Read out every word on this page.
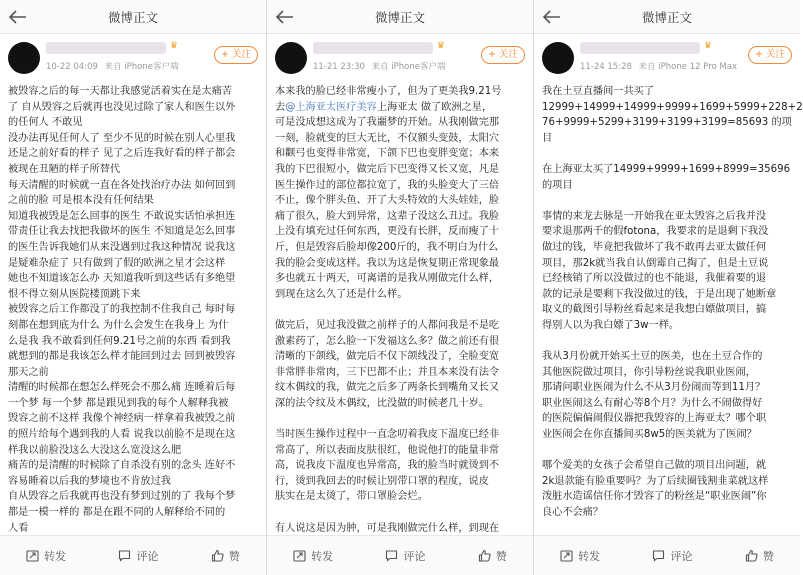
微博正文
♛
10-22 04:09 来自 iPhone客户端
+ 关注
被毁容之后的每一天都让我感觉活着实在是太痛苦
了 自从毁容之后就再也没见过除了家人和医生以外
的任何人 不敢见
没办法再见任何人了 至少不见的时候在别人心里我
还是之前好看的样子 见了之后连我好看的样子都会
被现在丑陋的样子所替代
每天清醒的时候就一直在各处找治疗办法 如何回到
之前的脸 可是根本没有任何结果
知道我被毁是怎么回事的医生 不敢说实话怕承担连
带责任让我去找把我做坏的医生 不知道是怎么回事
的医生告诉我她们从来没遇到过我这种情况 说我这
是疑难杂症了 只有做到了假的欧洲之星才会这样
她也不知道该怎么办 天知道我听到这些话有多绝望
恨不得立刻从医院楼顶跳下来
被毁容之后工作都没了的我控制不住我自己 每时每
刻都在想到底为什么 为什么会发生在我身上 为什
么是我 我不敢看到任何9.21号之前的东西 看到我
就想到的都是我该怎么样才能回到过去 回到被毁容
那天之前
清醒的时候都在想怎么样死会不那么痛 连睡着后每
一个梦 每一个梦 都是跟见到我的每个人解释我被
毁容之前不这样 我像个神经病一样拿着我被毁之前
的照片给每个遇到我的人看 说我以前脸不是现在这
样我以前脸没这么大没这么宽没这么肥
痛苦的是清醒的时候除了自杀没有别的念头 连好不
容易睡着以后我的梦境也不肯放过我
自从毁容之后我就再也没有梦到过别的了 我每个梦
都是一模一样的 都是在跟不同的人解释给不同的
人看
转发	评论	赞
微博正文
♛
11-21 23:30 来自 iPhone客户端
+ 关注
本来我的脸已经非常瘦小了，但为了更美我9.21号
去@上海亚太医疗美容上海亚太 做了欧洲之星，
可是没成想这成为了我噩梦的开始。从我刚做完那
一刻，脸就变的巨大无比，不仅额头变鼓，太阳穴
和颧弓也变得非常宽，下颌下巴也变胖变宽；本来
我的下巴很短小，做完后下巴变得又长又宽，凡是
医生操作过的部位都拉宽了，我的头脸变大了三倍
不止，像个胖头鱼、开了大头特效的大头娃娃，脸
痛了很久，脸大到异常，这辈子没这么丑过。我脸
上没有填充过任何东西，更没有长胖，反而瘦了十
斤，但是毁容后脸却像200斤的，我不明白为什么
我的脸会变成这样。我以为这是恢复期正常现象最
多也就五十两天，可离谱的是我从刚做完什么样，
到现在这么久了还是什么样。
做完后，见过我没做之前样子的人都问我是不是吃
激素药了，怎么脸一下发福这么多？做之前还有很
清晰的下颌线，做完后不仅下颌线没了，全脸变宽
非常胖非常肉，三下巴都不止；并且本来没有法令
纹木偶纹的我，做完之后多了两条长到嘴角又长又
深的法令纹及木偶纹，比没做的时候老几十岁。
当时医生操作过程中一直念叨着我皮下温度已经非
常高了，所以表面皮肤很红，他说他打的能量非常
高，说我皮下温度也异常高，我的脸当时就烫到不
行，烫到我回去的时候让别带口罩的程度，说皮
肤实在是太烫了，带口罩脸会烂。
有人说这是因为肿，可是我刚做完什么样，到现在
转发	评论	赞
微博正文
♛
11-24 15:28 来自 iPhone 12 Pro Max
+ 关注
我在土豆直播间一共买了
12999+14999+14999+9999+1699+5999+228+2
76+9999+5299+3199+3199+3199=85693 的项
目
在上海亚太买了14999+9999+1699+8999=35696
的项目
事情的来龙去脉是一开始我在亚太毁容之后我并没
要求退那两千的假fotona，我要求的是退剩下我没
做过的钱，毕竟把我做坏了我不敢再去亚太做任何
项目，那2k就当我自认倒霉自己掏了，但是土豆说
已经核销了所以没做过的也不能退，我催着要的退
款的记录是要剩下我没做过的钱，于是出现了她断章
取义的截图引导粉丝看起来是我想白嫖做项目，搞
得别人以为我白嫖了3w一样。
我从3月份就开始买土豆的医美，也在土豆合作的
其他医院做过项目，你引导粉丝说我职业医闹，
那请问职业医闹为什么不从3月份闹而等到11月？
职业医闹这么有耐心等8个月？为什么不闹做得好
的医院偏偏闹假仪器把我毁容的上海亚太？哪个职
业医闹会在你直播间买8w5的医美就为了医闹？
哪个爱美的女孩子会希望自己做的项目出问题，就
2k退款能有脸重要吗？为了后续圈钱割韭菜就这样
泼脏水造谣信任你才毁容了的粉丝是“职业医闹”你
良心不会痛？
转发	评论	赞
